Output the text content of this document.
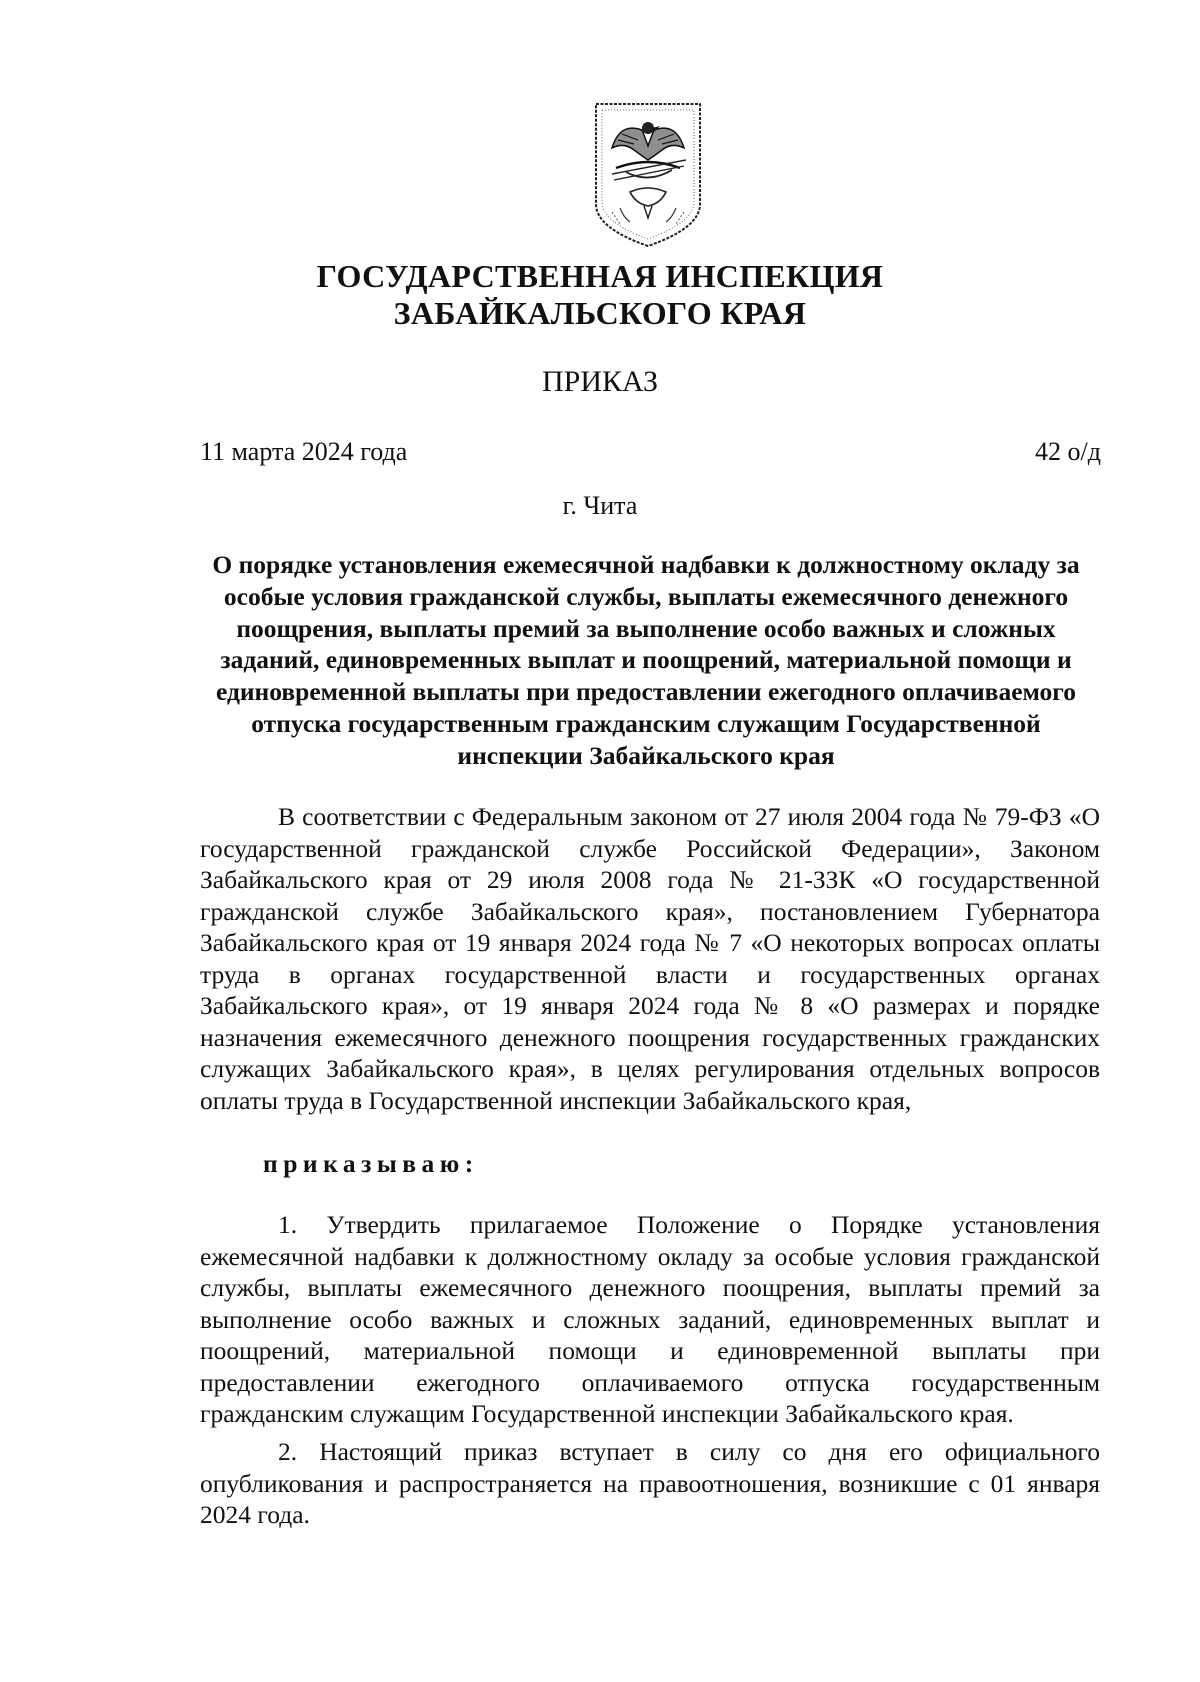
ГОСУДАРСТВЕННАЯ ИНСПЕКЦИЯ
ЗАБАЙКАЛЬСКОГО КРАЯ
ПРИКАЗ
11 марта 2024 года	42 о/д
г. Чита
О порядке установления ежемесячной надбавки к должностному окладу за особые условия гражданской службы, выплаты ежемесячного денежного поощрения, выплаты премий за выполнение особо важных и сложных заданий, единовременных выплат и поощрений, материальной помощи и единовременной выплаты при предоставлении ежегодного оплачиваемого отпуска государственным гражданским служащим Государственной инспекции Забайкальского края

В соответствии с Федеральным законом от 27 июля 2004 года № 79-ФЗ «О государственной гражданской службе Российской Федерации», Законом Забайкальского края от 29 июля 2008 года № 21-ЗЗК «О государственной гражданской службе Забайкальского края», постановлением Губернатора Забайкальского края от 19 января 2024 года № 7 «О некоторых вопросах оплаты труда в органах государственной власти и государственных органах Забайкальского края», от 19 января 2024 года № 8 «О размерах и порядке назначения ежемесячного денежного поощрения государственных гражданских служащих Забайкальского края», в целях регулирования отдельных вопросов оплаты труда в Государственной инспекции Забайкальского края,

приказываю:

1. Утвердить прилагаемое Положение о Порядке установления ежемесячной надбавки к должностному окладу за особые условия гражданской службы, выплаты ежемесячного денежного поощрения, выплаты премий за выполнение особо важных и сложных заданий, единовременных выплат и поощрений, материальной помощи и единовременной выплаты при предоставлении ежегодного оплачиваемого отпуска государственным гражданским служащим Государственной инспекции Забайкальского края.

2. Настоящий приказ вступает в силу со дня его официального опубликования и распространяется на правоотношения, возникшие с 01 января 2024 года.
